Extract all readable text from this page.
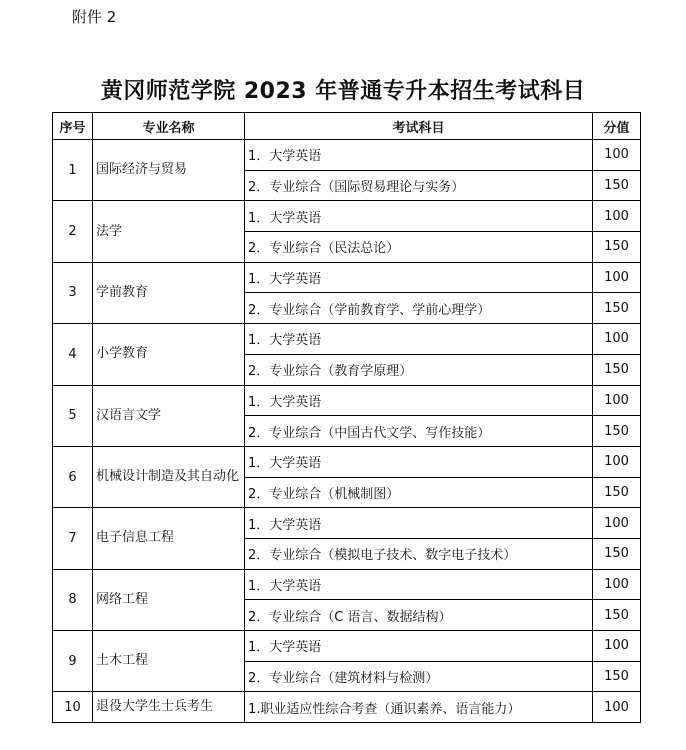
附件 2
黄冈师范学院 2023 年普通专升本招生考试科目
序号	专业名称	考试科目	分值
1	国际经济与贸易	1．大学英语	100
		2．专业综合（国际贸易理论与实务）	150
2	法学	1．大学英语	100
		2．专业综合（民法总论）	150
3	学前教育	1．大学英语	100
		2．专业综合（学前教育学、学前心理学）	150
4	小学教育	1．大学英语	100
		2．专业综合（教育学原理）	150
5	汉语言文学	1．大学英语	100
		2．专业综合（中国古代文学、写作技能）	150
6	机械设计制造及其自动化	1．大学英语	100
		2．专业综合（机械制图）	150
7	电子信息工程	1．大学英语	100
		2．专业综合（模拟电子技术、数字电子技术）	150
8	网络工程	1．大学英语	100
		2．专业综合（C 语言、数据结构）	150
9	土木工程	1．大学英语	100
		2．专业综合（建筑材料与检测）	150
10	退役大学生士兵考生	1.职业适应性综合考查（通识素养、语言能力）	100
